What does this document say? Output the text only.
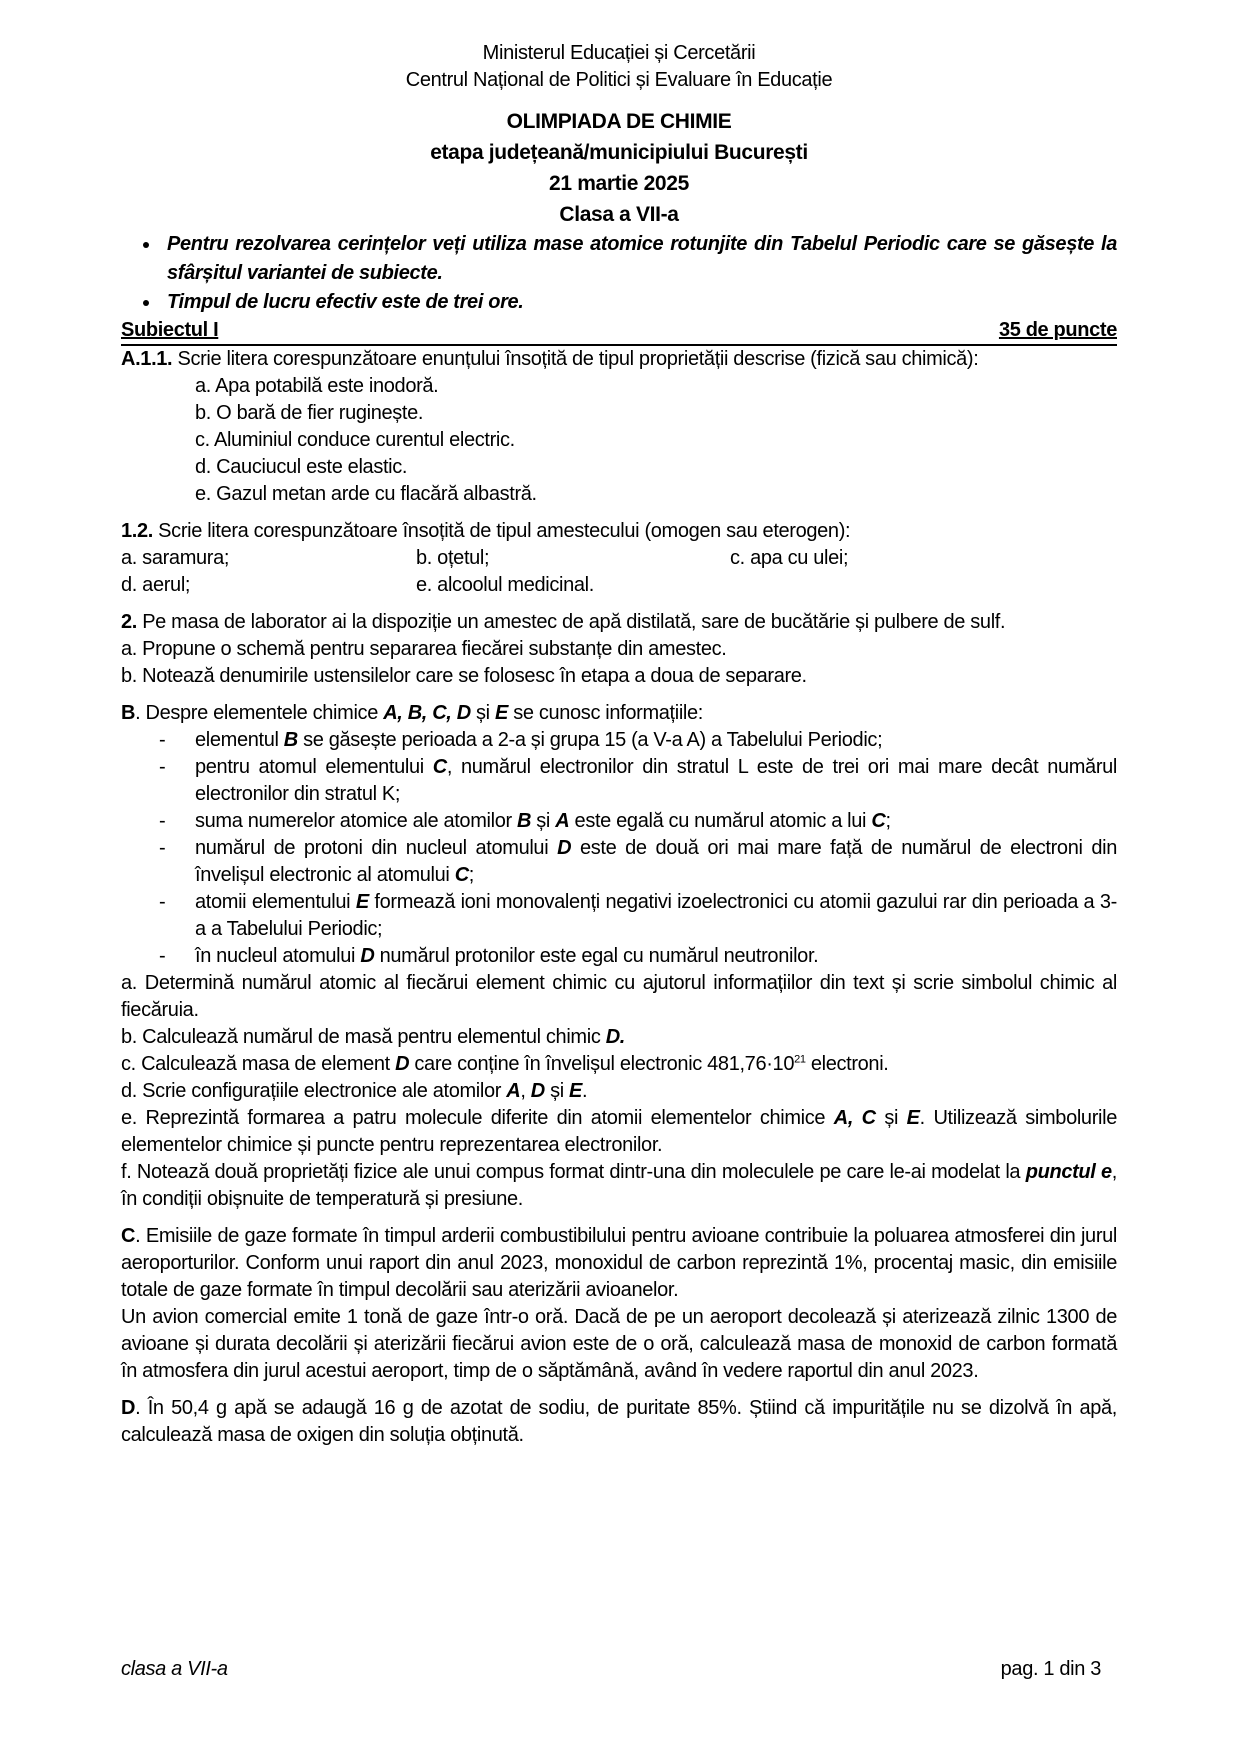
Ministerul Educației și Cercetării
Centrul Național de Politici și Evaluare în Educație
OLIMPIADA DE CHIMIE
etapa județeană/municipiului București
21 martie 2025
Clasa a VII-a
• Pentru rezolvarea cerințelor veți utiliza mase atomice rotunjite din Tabelul Periodic care se găsește la sfârșitul variantei de subiecte.
• Timpul de lucru efectiv este de trei ore.
Subiectul I	35 de puncte

A.1.1. Scrie litera corespunzătoare enunțului însoțită de tipul proprietății descrise (fizică sau chimică):

a. Apa potabilă este inodoră.
b. O bară de fier ruginește.
c. Aluminiul conduce curentul electric.
d. Cauciucul este elastic.
e. Gazul metan arde cu flacără albastră.

1.2. Scrie litera corespunzătoare însoțită de tipul amestecului (omogen sau eterogen):

a. saramura;	b. oțetul;	c. apa cu ulei;
d. aerul;	e. alcoolul medicinal.

2. Pe masa de laborator ai la dispoziție un amestec de apă distilată, sare de bucătărie și pulbere de sulf.

a. Propune o schemă pentru separarea fiecărei substanțe din amestec.

b. Notează denumirile ustensilelor care se folosesc în etapa a doua de separare.

B. Despre elementele chimice A, B, C, D și E se cunosc informațiile:

- elementul B se găsește perioada a 2-a și grupa 15 (a V-a A) a Tabelului Periodic;
- pentru atomul elementului C, numărul electronilor din stratul L este de trei ori mai mare decât numărul electronilor din stratul K;
- suma numerelor atomice ale atomilor B și A este egală cu numărul atomic a lui C;
- numărul de protoni din nucleul atomului D este de două ori mai mare față de numărul de electroni din învelișul electronic al atomului C;
- atomii elementului E formează ioni monovalenți negativi izoelectronici cu atomii gazului rar din perioada a 3-a a Tabelului Periodic;
- în nucleul atomului D numărul protonilor este egal cu numărul neutronilor.

a. Determină numărul atomic al fiecărui element chimic cu ajutorul informațiilor din text și scrie simbolul chimic al fiecăruia.

b. Calculează numărul de masă pentru elementul chimic D.

c. Calculează masa de element D care conține în învelișul electronic $481,76\cdot 10^{21}$ electroni.

d. Scrie configurațiile electronice ale atomilor A, D și E.

e. Reprezintă formarea a patru molecule diferite din atomii elementelor chimice A, C și E. Utilizează simbolurile elementelor chimice și puncte pentru reprezentarea electronilor.

f. Notează două proprietăți fizice ale unui compus format dintr-una din moleculele pe care le-ai modelat la punctul e, în condiții obișnuite de temperatură și presiune.

C. Emisiile de gaze formate în timpul arderii combustibilului pentru avioane contribuie la poluarea atmosferei din jurul aeroporturilor. Conform unui raport din anul 2023, monoxidul de carbon reprezintă 1%, procentaj masic, din emisiile totale de gaze formate în timpul decolării sau aterizării avioanelor.

Un avion comercial emite 1 tonă de gaze într-o oră. Dacă de pe un aeroport decolează și aterizează zilnic 1300 de avioane și durata decolării și aterizării fiecărui avion este de o oră, calculează masa de monoxid de carbon formată în atmosfera din jurul acestui aeroport, timp de o săptămână, având în vedere raportul din anul 2023.

D. În 50,4 g apă se adaugă 16 g de azotat de sodiu, de puritate 85%. Știind că impuritățile nu se dizolvă în apă, calculează masa de oxigen din soluția obținută.

clasa a VII-a	pag. 1 din 3
